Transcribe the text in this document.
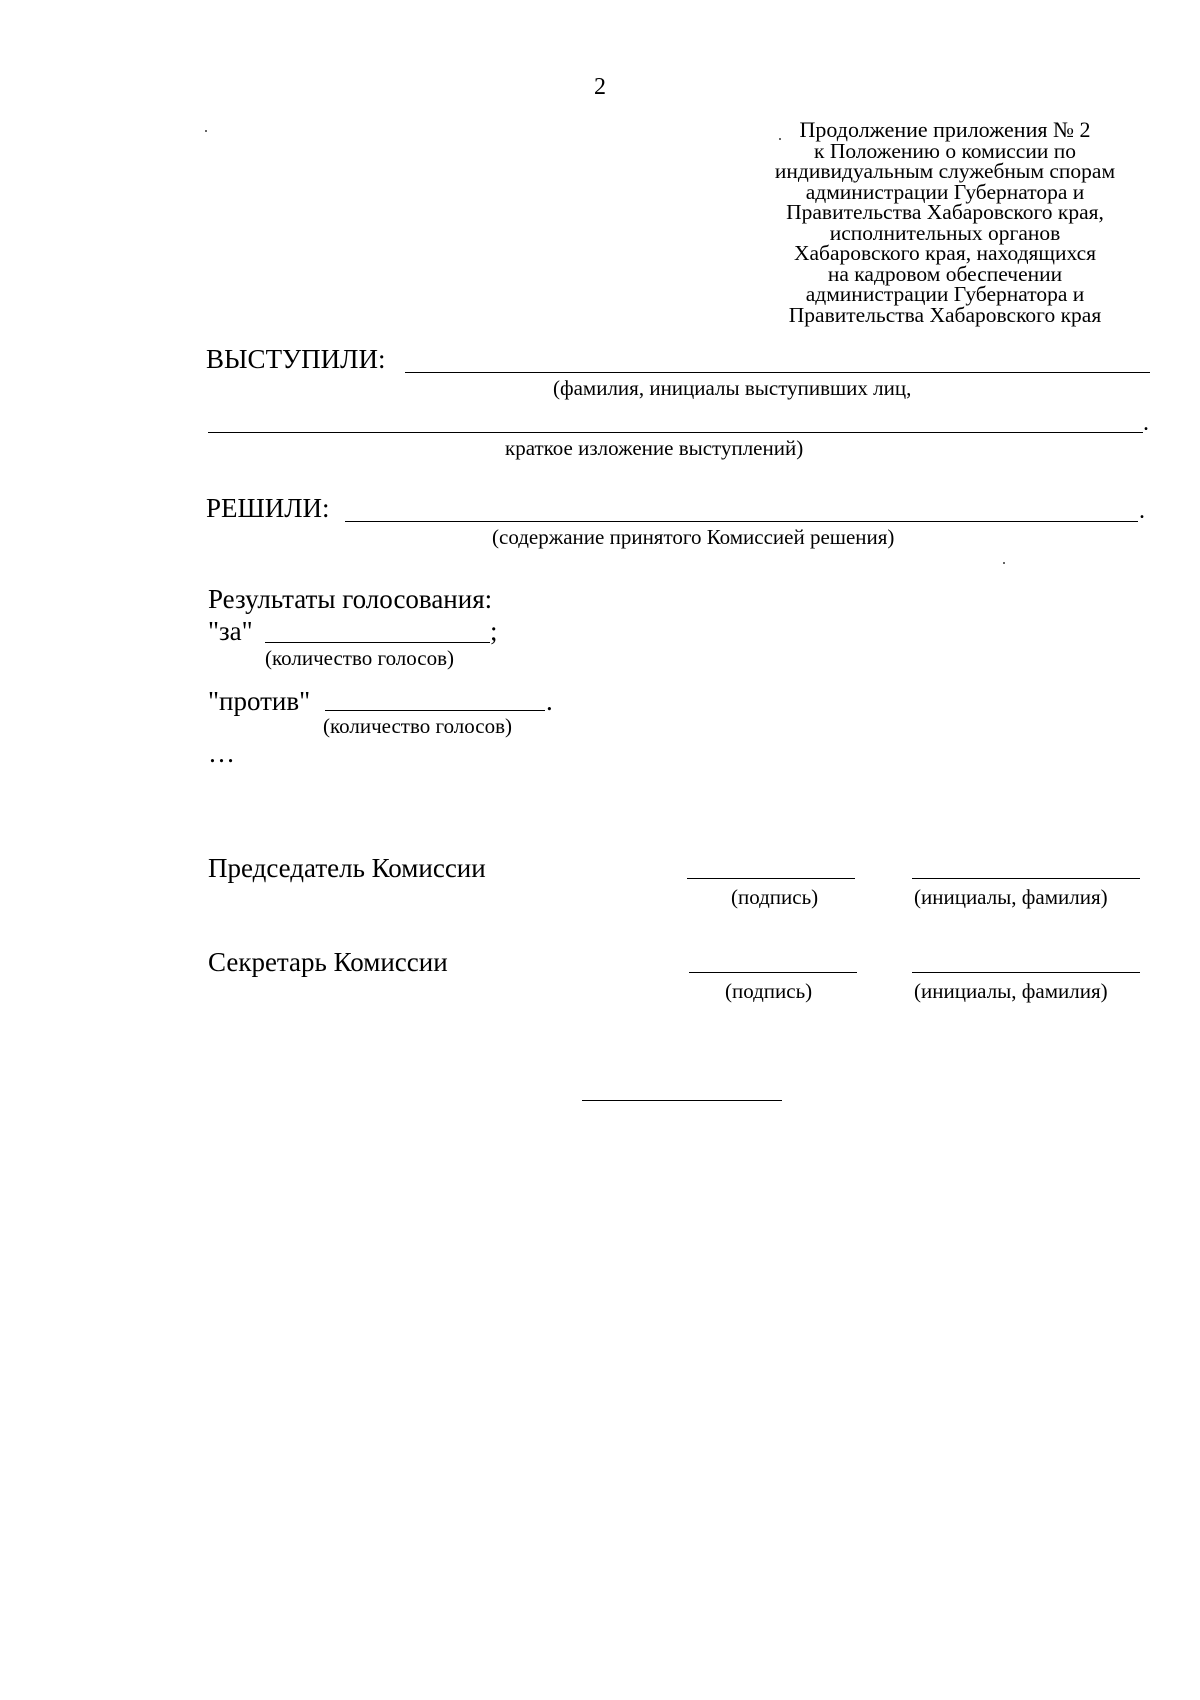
2
Продолжение приложения № 2
к Положению о комиссии по
индивидуальным служебным спорам
администрации Губернатора и
Правительства Хабаровского края,
исполнительных органов
Хабаровского края, находящихся
на кадровом обеспечении
администрации Губернатора и
Правительства Хабаровского края
ВЫСТУПИЛИ:
(фамилия, инициалы выступивших лиц,
.
краткое изложение выступлений)
РЕШИЛИ:	.
(содержание принятого Комиссией решения)
Результаты голосования:
"за"	;
(количество голосов)
"против"	.
(количество голосов)
…
Председатель Комиссии
(подпись)	(инициалы, фамилия)
Секретарь Комиссии
(подпись)	(инициалы, фамилия)
